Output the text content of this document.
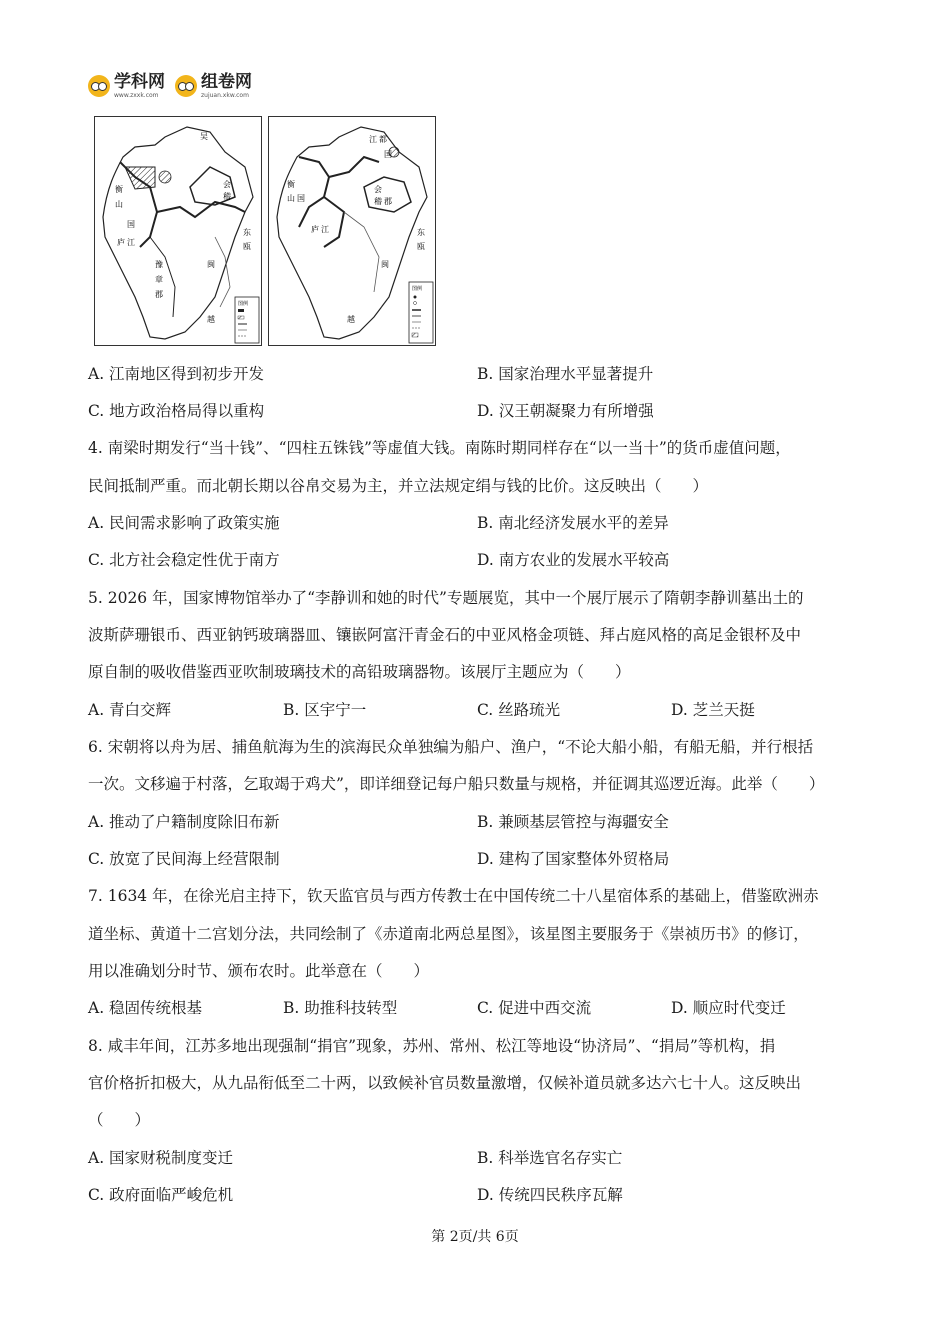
学科网
www.zxxk.com
组卷网
zujuan.xkw.com
吴
豫
章
郡
会
稽
闽
越
东
瓯
衡
山
国
庐 江
图例
江 都
国
会
稽 郡
闽
越
东
瓯
衡
山 国
庐 江
图例
A. 江南地区得到初步开发	B. 国家治理水平显著提升
C. 地方政治格局得以重构	D. 汉王朝凝聚力有所增强
4. 南梁时期发行“当十钱”、“四柱五铢钱”等虚值大钱。南陈时期同样存在“以一当十”的货币虚值问题，
民间抵制严重。而北朝长期以谷帛交易为主，并立法规定绢与钱的比价。这反映出（　　）
A. 民间需求影响了政策实施	B. 南北经济发展水平的差异
C. 北方社会稳定性优于南方	D. 南方农业的发展水平较高
5. 2026 年，国家博物馆举办了“李静训和她的时代”专题展览，其中一个展厅展示了隋朝李静训墓出土的
波斯萨珊银币、西亚钠钙玻璃器皿、镶嵌阿富汗青金石的中亚风格金项链、拜占庭风格的高足金银杯及中
原自制的吸收借鉴西亚吹制玻璃技术的高铅玻璃器物。该展厅主题应为（　　）
A. 青白交辉	B. 区宇宁一	C. 丝路琉光	D. 芝兰天挺
6. 宋朝将以舟为居、捕鱼航海为生的滨海民众单独编为船户、渔户，“不论大船小船，有船无船，并行根括
一次。文移遍于村落，乞取竭于鸡犬”，即详细登记每户船只数量与规格，并征调其巡逻近海。此举（　　）
A. 推动了户籍制度除旧布新	B. 兼顾基层管控与海疆安全
C. 放宽了民间海上经营限制	D. 建构了国家整体外贸格局
7. 1634 年，在徐光启主持下，钦天监官员与西方传教士在中国传统二十八星宿体系的基础上，借鉴欧洲赤
道坐标、黄道十二宫划分法，共同绘制了《赤道南北两总星图》，该星图主要服务于《崇祯历书》的修订，
用以准确划分时节、颁布农时。此举意在（　　）
A. 稳固传统根基	B. 助推科技转型	C. 促进中西交流	D. 顺应时代变迁
8. 咸丰年间，江苏多地出现强制“捐官”现象，苏州、常州、松江等地设“协济局”、“捐局”等机构，捐
官价格折扣极大，从九品衔低至二十两，以致候补官员数量激增，仅候补道员就多达六七十人。这反映出
（　　）
A. 国家财税制度变迁	B. 科举选官名存实亡
C. 政府面临严峻危机	D. 传统四民秩序瓦解
第 2页/共 6页
